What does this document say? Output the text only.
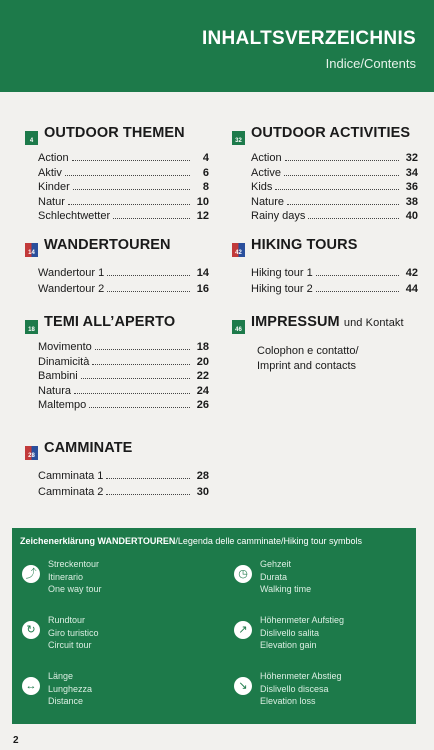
INHALTSVERZEICHNIS
Indice/Contents
4 OUTDOOR THEMEN
Action	4
Aktiv	6
Kinder	8
Natur	10
Schlechtwetter	12
32 OUTDOOR ACTIVITIES
Action	32
Active	34
Kids	36
Nature	38
Rainy days	40
14 WANDERTOUREN
Wandertour 1	14
Wandertour 2	16
42 HIKING TOURS
Hiking tour 1	42
Hiking tour 2	44
18 TEMI ALL’APERTO
Movimento	18
Dinamicità	20
Bambini	22
Natura	24
Maltempo	26
46 IMPRESSUM und Kontakt
Colophon e contatto/
Imprint and contacts
28 CAMMINATE
Camminata 1	28
Camminata 2	30
Zeichenerklärung WANDERTOUREN/Legenda delle camminate/Hiking tour symbols
⤴
Streckentour
Itinerario
One way tour
◷
Gehzeit
Durata
Walking time
↻
Rundtour
Giro turistico
Circuit tour
↗
Höhenmeter Aufstieg
Dislivello salita
Elevation gain
↔
Länge
Lunghezza
Distance
↘
Höhenmeter Abstieg
Dislivello discesa
Elevation loss
2
